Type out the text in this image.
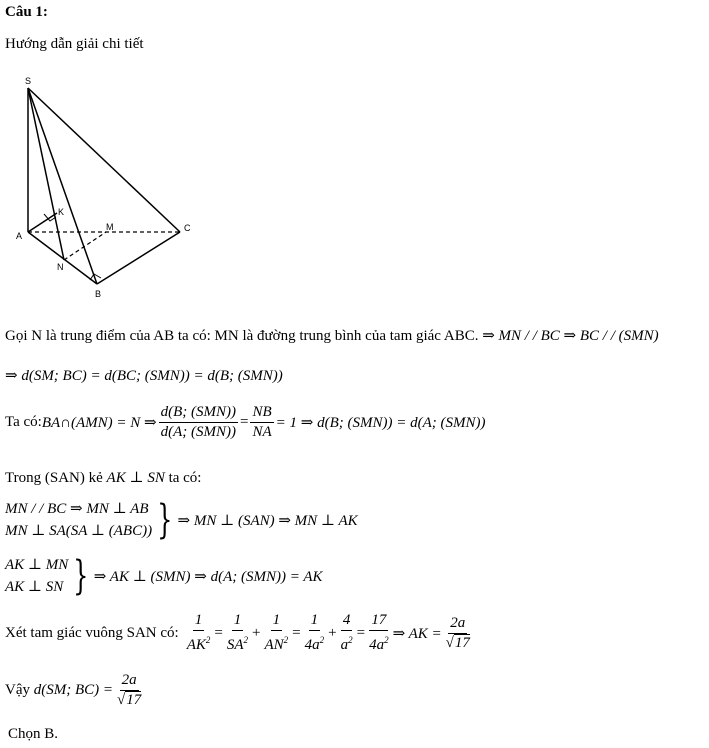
Câu 1:
Hướng dẫn giải chi tiết
S
K
A
M	C
N
B
Gọi N là trung điểm của AB ta có: MN là đường trung bình của tam giác ABC. ⇒ MN / / BC ⇒ BC / / (SMN)
⇒ d(SM; BC) = d(BC; (SMN)) = d(B; (SMN))
Ta có: BA∩(AMN) = N ⇒ $\frac{\text{d(B; (SMN))}}{\text{d(A; (SMN))}} = \frac{NB}{NA} = 1$ ⇒ d(B; (SMN)) = d(A; (SMN))
Trong (SAN) kẻ AK ⊥ SN ta có:
MN / / BC ⇒ MN ⊥ AB
MN ⊥ SA(SA ⊥ (ABC)) } ⇒ MN ⊥ (SAN) ⇒ MN ⊥ AK
AK ⊥ MN
AK ⊥ SN } ⇒ AK ⊥ (SMN) ⇒ d(A; (SMN)) = AK
Xét tam giác vuông SAN có: $\frac{1}{AK^2} = \frac{1}{SA^2} + \frac{1}{AN^2} = \frac{1}{4a^2} + \frac{4}{a^2} = \frac{17}{4a^2}$ ⇒ AK = $\frac{2a}{√17}$
Vậy d(SM; $BC) = \frac{2a}{√17}$
Chọn B.
